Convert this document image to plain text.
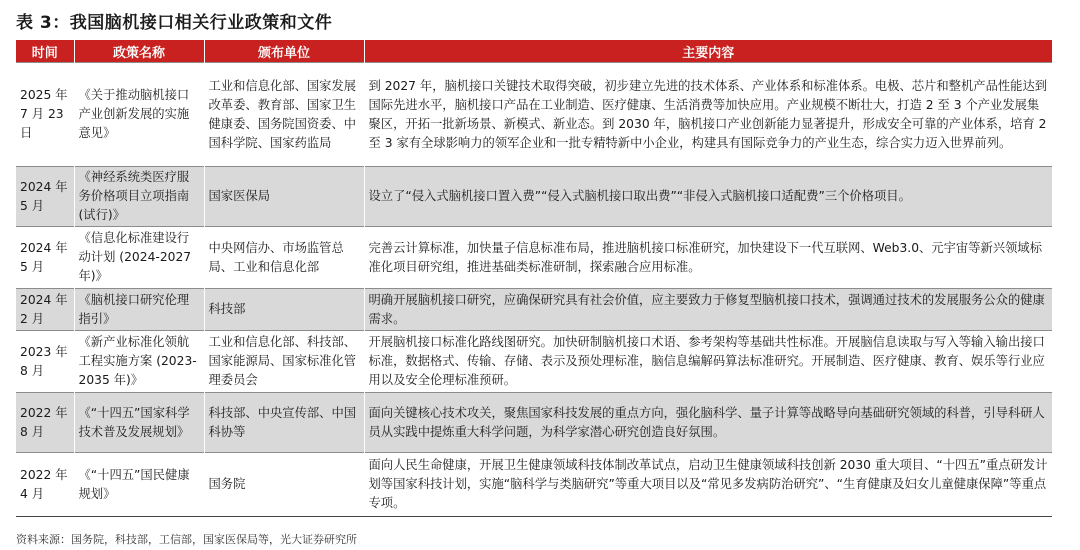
表 3：我国脑机接口相关行业政策和文件
时间	政策名称	颁布单位	主要内容
2025 年 7 月 23 日	《关于推动脑机接口产业创新发展的实施意见》	工业和信息化部、国家发展改革委、教育部、国家卫生健康委、国务院国资委、中国科学院、国家药监局	到 2027 年，脑机接口关键技术取得突破，初步建立先进的技术体系、产业体系和标准体系。电极、芯片和整机产品性能达到国际先进水平，脑机接口产品在工业制造、医疗健康、生活消费等加快应用。产业规模不断壮大，打造 2 至 3 个产业发展集聚区，开拓一批新场景、新模式、新业态。到 2030 年，脑机接口产业创新能力显著提升，形成安全可靠的产业体系，培育 2 至 3 家有全球影响力的领军企业和一批专精特新中小企业，构建具有国际竞争力的产业生态，综合实力迈入世界前列。
2024 年 5 月	《神经系统类医疗服务价格项目立项指南(试行)》	国家医保局	设立了“侵入式脑机接口置入费”“侵入式脑机接口取出费”“非侵入式脑机接口适配费”三个价格项目。
2024 年 5 月	《信息化标准建设行动计划 (2024-2027 年)》	中央网信办、市场监管总局、工业和信息化部	完善云计算标准，加快量子信息标准布局，推进脑机接口标准研究，加快建设下一代互联网、Web3.0、元宇宙等新兴领域标准化项目研究组，推进基础类标准研制，探索融合应用标准。
2024 年 2 月	《脑机接口研究伦理指引》	科技部	明确开展脑机接口研究，应确保研究具有社会价值，应主要致力于修复型脑机接口技术，强调通过技术的发展服务公众的健康需求。
2023 年 8 月	《新产业标准化领航工程实施方案 (2023-2035 年)》	工业和信息化部、科技部、国家能源局、国家标准化管理委员会	开展脑机接口标准化路线图研究。加快研制脑机接口术语、参考架构等基础共性标准。开展脑信息读取与写入等输入输出接口标准，数据格式、传输、存储、表示及预处理标准，脑信息编解码算法标准研究。开展制造、医疗健康、教育、娱乐等行业应用以及安全伦理标准预研。
2022 年 8 月	《“十四五”国家科学技术普及发展规划》	科技部、中央宣传部、中国科协等	面向关键核心技术攻关，聚焦国家科技发展的重点方向，强化脑科学、量子计算等战略导向基础研究领域的科普，引导科研人员从实践中提炼重大科学问题，为科学家潜心研究创造良好氛围。
2022 年 4 月	《“十四五”国民健康规划》	国务院	面向人民生命健康，开展卫生健康领域科技体制改革试点，启动卫生健康领域科技创新 2030 重大项目、“十四五”重点研发计划等国家科技计划，实施“脑科学与类脑研究”等重大项目以及“常见多发病防治研究”、“生育健康及妇女儿童健康保障”等重点专项。
资料来源：国务院，科技部，工信部，国家医保局等，光大证券研究所
